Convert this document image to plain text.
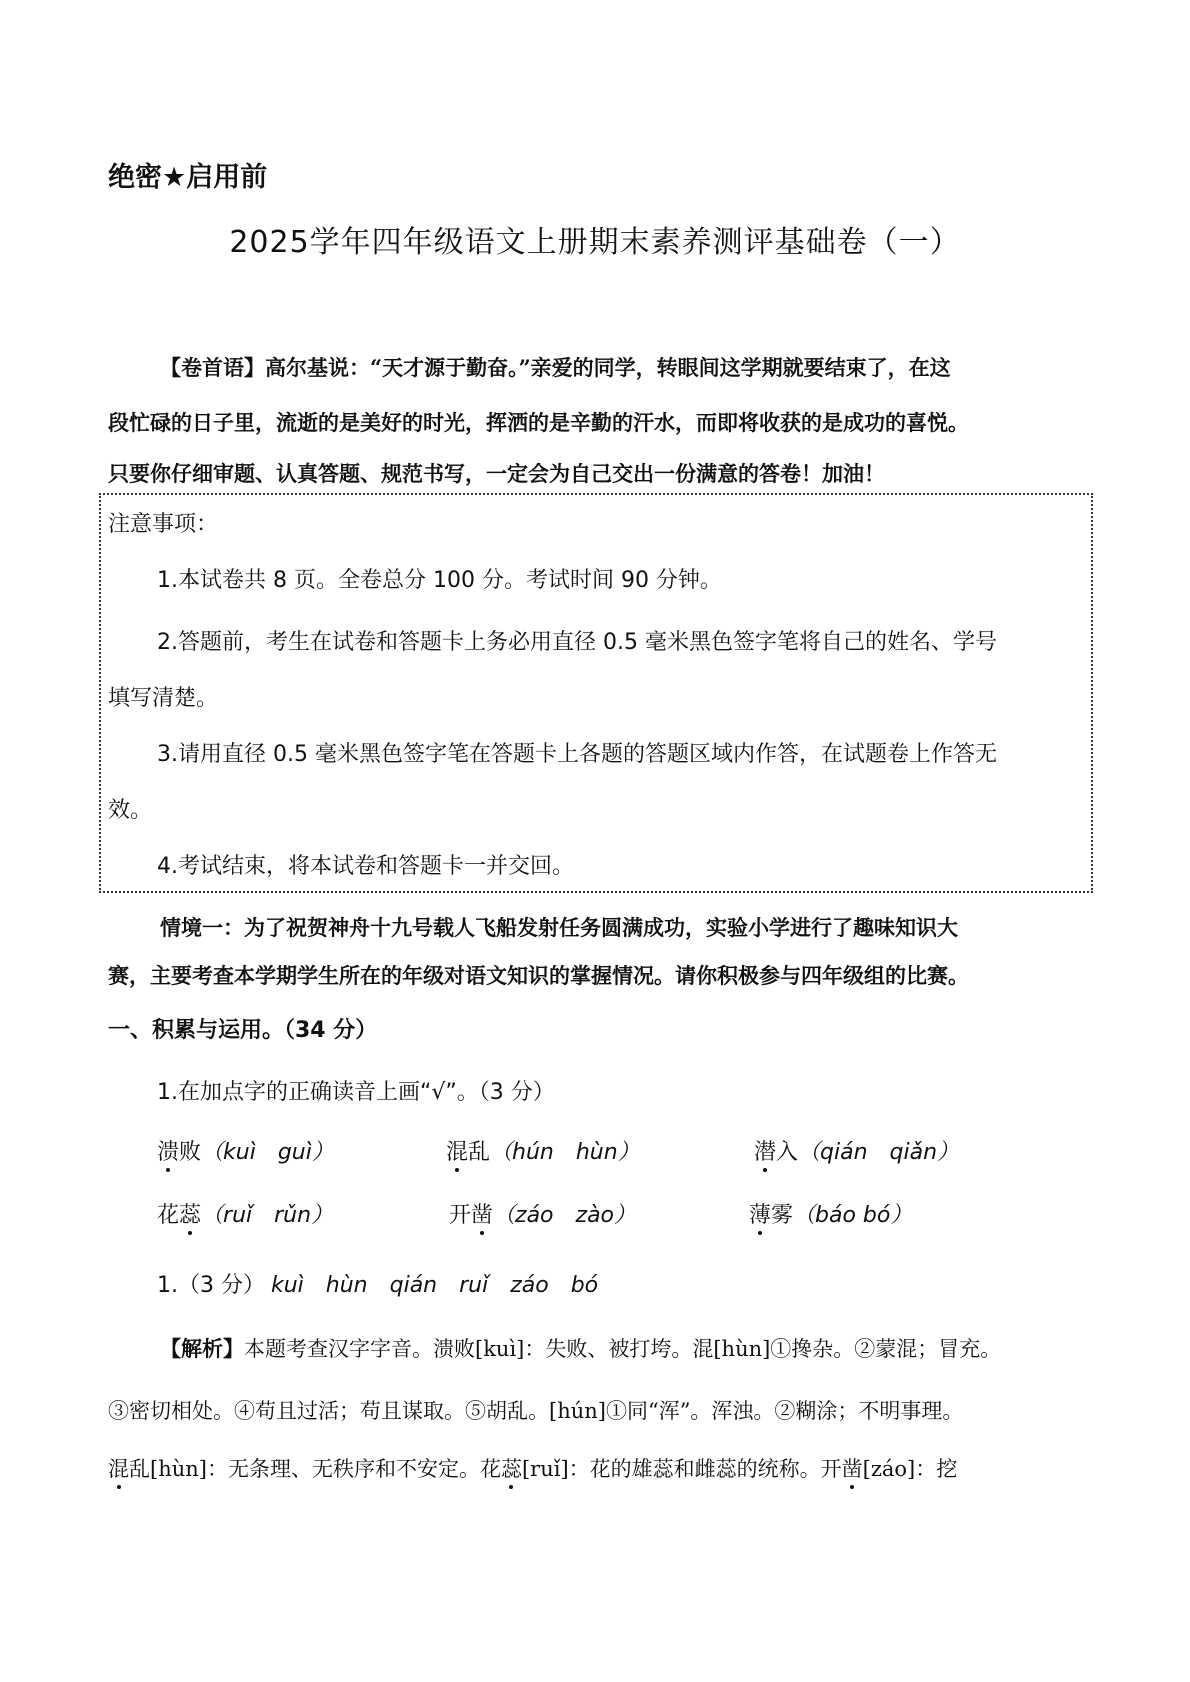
绝密★启用前
2025学年四年级语文上册期末素养测评基础卷（一）
【卷首语】高尔基说：“天才源于勤奋。”亲爱的同学，转眼间这学期就要结束了，在这
段忙碌的日子里，流逝的是美好的时光，挥洒的是辛勤的汗水，而即将收获的是成功的喜悦。
只要你仔细审题、认真答题、规范书写，一定会为自己交出一份满意的答卷！加油！
注意事项：
1.本试卷共 8 页。全卷总分 100 分。考试时间 90 分钟。
2.答题前，考生在试卷和答题卡上务必用直径 0.5 毫米黑色签字笔将自己的姓名、学号
填写清楚。
3.请用直径 0.5 毫米黑色签字笔在答题卡上各题的答题区域内作答，在试题卷上作答无
效。
4.考试结束，将本试卷和答题卡一并交回。
情境一：为了祝贺神舟十九号载人飞船发射任务圆满成功，实验小学进行了趣味知识大
赛，主要考查本学期学生所在的年级对语文知识的掌握情况。请你积极参与四年级组的比赛。
一、积累与运用。（34 分）
1.在加点字的正确读音上画“√”。（3 分）
溃败（kuì　guì）	混乱（hún　hùn）	潜入（qián　qiǎn）
花蕊（ruǐ　rǔn）	开凿（záo　zào）	薄雾（báo bó）
1.（3 分） kuì　hùn　qián　ruǐ　záo　bó
【解析】本题考查汉字字音。溃败[kuì]：失败、被打垮。混[hùn]①搀杂。②蒙混；冒充。
③密切相处。④苟且过活；苟且谋取。⑤胡乱。[hún]①同“浑”。浑浊。②糊涂；不明事理。
混乱[hùn]：无条理、无秩序和不安定。花蕊[ruǐ]：花的雄蕊和雌蕊的统称。开凿[záo]：挖
